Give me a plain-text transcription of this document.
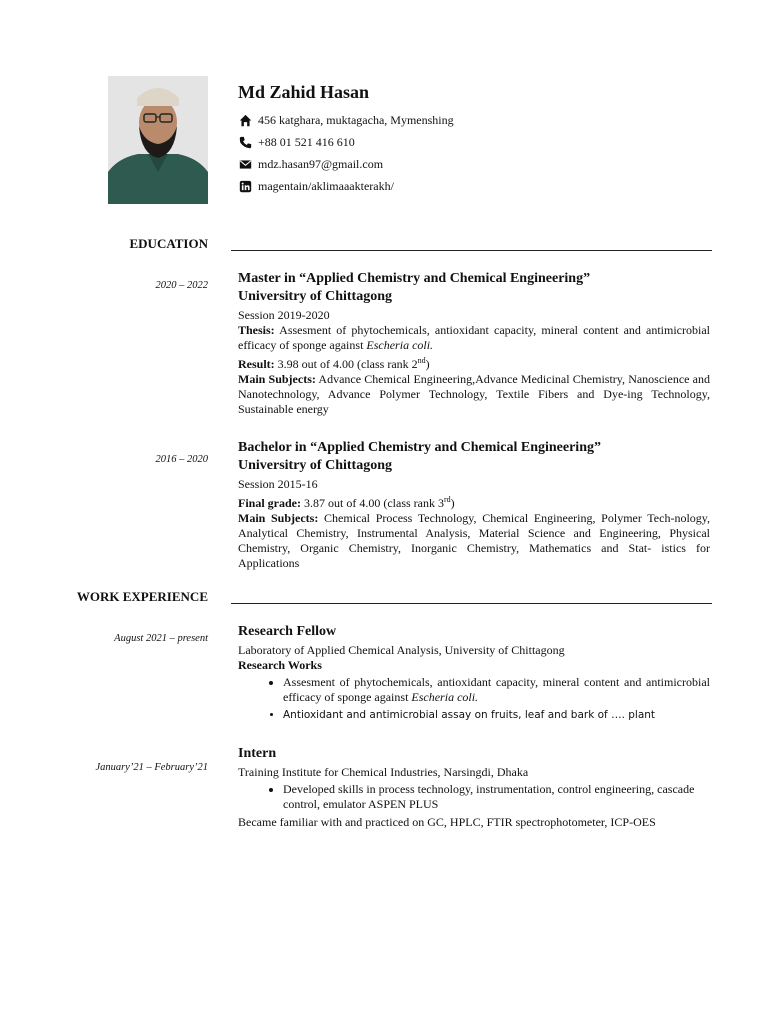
Md Zahid Hasan
456 katghara, muktagacha, Mymenshing
+88 01 521 416 610
mdz.hasan97@gmail.com
magentain/aklimaaakterakh/
EDUCATION
2020 – 2022 Master in “Applied Chemistry and Chemical Engineering”
Universitry of Chittagong
Session 2019-2020
Thesis: Assesment of phytochemicals, antioxidant capacity, mineral content and antimicrobial efficacy of sponge against Escheria coli.
Result: 3.98 out of 4.00 (class rank 2nd)
Main Subjects: Advance Chemical Engineering,Advance Medicinal Chemistry, Nanoscience and Nanotechnology, Advance Polymer Technology, Textile Fibers and Dye-ing Technology, Sustainable energy
2016 – 2020
Bachelor in “Applied Chemistry and Chemical Engineering”
Universitry of Chittagong
Session 2015-16
Final grade: 3.87 out of 4.00 (class rank 3rd)
Main Subjects: Chemical Process Technology, Chemical Engineering, Polymer Tech-nology, Analytical Chemistry, Instrumental Analysis, Material Science and Engineering, Physical Chemistry, Organic Chemistry, Inorganic Chemistry, Mathematics and Stat- istics for Applications
WORK EXPERIENCE
August 2021 – present Research Fellow
Laboratory of Applied Chemical Analysis, University of Chittagong
Research Works
• Assesment of phytochemicals, antioxidant capacity, mineral content and antimicrobial efficacy of sponge against Escheria coli.
• Antioxidant and antimicrobial assay on fruits, leaf and bark of …. plant
January’21 – February’21
Intern
Training Institute for Chemical Industries, Narsingdi, Dhaka
• Developed skills in process technology, instrumentation, control engineering, cascade control, emulator ASPEN PLUS
Became familiar with and practiced on GC, HPLC, FTIR spectrophotometer, ICP-OES
